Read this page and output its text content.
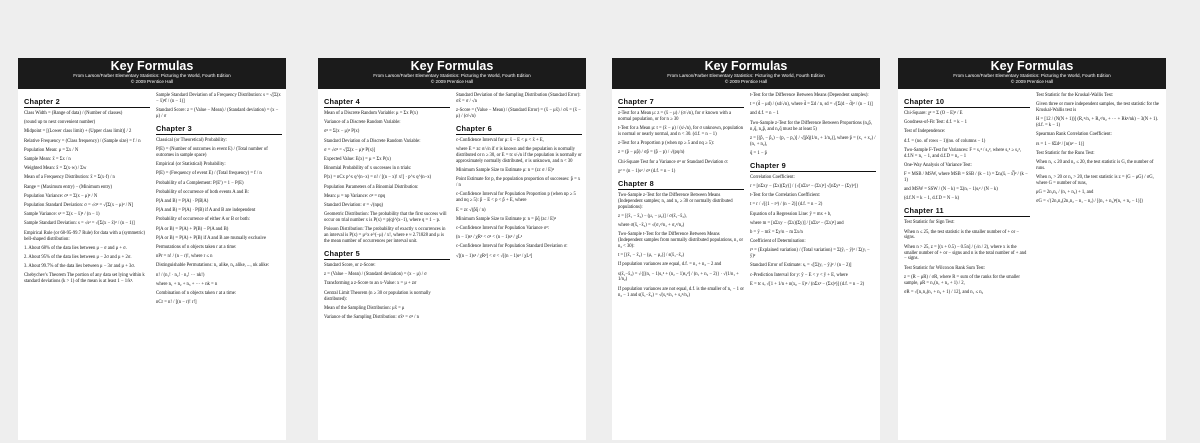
Key Formulas
From Larson/Farber Elementary Statistics: Picturing the World, Fourth Edition
© 2009 Prentice Hall
Chapter 2
Class Width = (Range of data) / (Number of classes)
(round up to next convenient number)
Midpoint = [(Lower class limit) + (Upper class limit)] / 2
Relative Frequency = (Class frequency) / (Sample size) = f / n
Population Mean: μ = Σx / N
Sample Mean: x̄ = Σx / n
Weighted Mean: x̄ = Σ(x·w) / Σw
Mean of a Frequency Distribution: x̄ = Σ(x·f) / n
Range = (Maximum entry) − (Minimum entry)
Population Variance: σ² = Σ(x − μ)² / N
Population Standard Deviation: σ = √σ² = √[Σ(x − μ)² / N]
Sample Variance: s² = Σ(x − x̄)² / (n − 1)
Sample Standard Deviation: s = √s² = √[Σ(x − x̄)² / (n − 1)]
Empirical Rule (or 68-95-99.7 Rule) for data with a (symmetric) bell-shaped distribution:
1. About 68% of the data lies between μ − σ and μ + σ.
2. About 95% of the data lies between μ − 2σ and μ + 2σ.
3. About 99.7% of the data lies between μ − 3σ and μ + 3σ.
Chebychev's Theorem The portion of any data set lying within k standard deviations (k > 1) of the mean is at least 1 − 1/k².
Sample Standard Deviation of a Frequency Distribution: s = √[Σ(x − x̄)²f / (n − 1)]
Standard Score: z = (Value − Mean) / (Standard deviation) = (x − μ) / σ
Chapter 3
Classical (or Theoretical) Probability:
P(E) = (Number of outcomes in event E) / (Total number of outcomes in sample space)
Empirical (or Statistical) Probability:
P(E) = (Frequency of event E) / (Total frequency) = f / n
Probability of a Complement: P(E′) = 1 − P(E)
Probability of occurrence of both events A and B:
P(A and B) = P(A) · P(B|A)
P(A and B) = P(A) · P(B) if A and B are independent
Probability of occurrence of either A or B or both:
P(A or B) = P(A) + P(B) − P(A and B)
P(A or B) = P(A) + P(B) if A and B are mutually exclusive
Permutations of n objects taken r at a time:
nPr = n! / (n − r)!, where r ≤ n
Distinguishable Permutations: n₁ alike, n₂ alike, ..., nk alike:
n! / (n₁! · n₂! · n₃! ··· nk!)
where n₁ + n₂ + n₃ + ··· + nk = n
Combination of n objects taken r at a time:
nCr = n! / [(n − r)! r!]
Key Formulas
From Larson/Farber Elementary Statistics: Picturing the World, Fourth Edition
© 2009 Prentice Hall
Chapter 4
Mean of a Discrete Random Variable: μ = Σx P(x)
Variance of a Discrete Random Variable:
σ² = Σ(x − μ)² P(x)
Standard Deviation of a Discrete Random Variable:
σ = √σ² = √[Σ(x − μ)² P(x)]
Expected Value: E(x) = μ = Σx P(x)
Binomial Probability of x successes in n trials:
P(x) = nCx p^x q^(n−x) = n! / [(n − x)! x!] · p^x q^(n−x)
Population Parameters of a Binomial Distribution:
Mean: μ = np Variance: σ² = npq
Standard Deviation: σ = √(npq)
Geometric Distribution: The probability that the first success will occur on trial number x is P(x) = p(q)^(x−1), where q = 1 − p.
Poisson Distribution: The probability of exactly x occurrences in an interval is P(x) = μ^x e^(−μ) / x!, where e ≈ 2.71828 and μ is the mean number of occurrences per interval unit.
Chapter 5
Standard Score, or z-Score:
z = (Value − Mean) / (Standard deviation) = (x − μ) / σ
Transforming a z-Score to an x-Value: x = μ + zσ
Central Limit Theorem (n ≥ 30 or population is normally distributed):
Mean of the Sampling Distribution: μx̄ = μ
Variance of the Sampling Distribution: σx̄² = σ² / n
Standard Deviation of the Sampling Distribution (Standard Error): σx̄ = σ / √n
z-Score = (Value − Mean) / (Standard Error) = (x̄ − μx̄) / σx̄ = (x̄ − μ) / (σ/√n)
Chapter 6
c-Confidence Interval for μ: x̄ − E < μ < x̄ + E,
where E = zc σ/√n if σ is known and the population is normally distributed or n ≥ 30, or E = tc s/√n if the population is normally or approximately normally distributed, σ is unknown, and n < 30
Minimum Sample Size to Estimate μ: n = (zc σ / E)²
Point Estimate for p, the population proportion of successes: p̂ = x / n
c-Confidence Interval for Population Proportion p (when np ≥ 5 and nq ≥ 5): p̂ − E < p < p̂ + E, where
E = zc √(p̂q̂ / n)
Minimum Sample Size to Estimate p: n = p̂q̂ (zc / E)²
c-Confidence Interval for Population Variance σ²:
(n − 1)s² / χR² < σ² < (n − 1)s² / χL²
c-Confidence Interval for Population Standard Deviation σ:
√[(n − 1)s² / χR²] < σ < √[(n − 1)s² / χL²]
Key Formulas
From Larson/Farber Elementary Statistics: Picturing the World, Fourth Edition
© 2009 Prentice Hall
Chapter 7
z-Test for a Mean μ: z = (x̄ − μ) / (σ/√n), for σ known with a normal population, or for n ≥ 30
t-Test for a Mean μ: t = (x̄ − μ) / (s/√n), for σ unknown, population is normal or nearly normal, and n < 30. (d.f. = n − 1)
z-Test for a Proportion p (when np ≥ 5 and nq ≥ 5):
z = (p̂ − μp̂) / σp̂ = (p̂ − p) / √(pq/n)
Chi-Square Test for a Variance σ² or Standard Deviation σ:
χ² = (n − 1)s² / σ² (d.f. = n − 1)
Chapter 8
Two-Sample z-Test for the Difference Between Means (Independent samples; n₁ and n₂ ≥ 30 or normally distributed populations):
z = [(x̄₁ − x̄₂) − (μ₁ − μ₂)] / σ(x̄₁−x̄₂),
where σ(x̄₁−x̄₂) = √(σ₁²/n₁ + σ₂²/n₂)
Two-Sample t-Test for the Difference Between Means (Independent samples from normally distributed populations, n₁ or n₂ < 30):
t = [(x̄₁ − x̄₂) − (μ₁ − μ₂)] / s(x̄₁−x̄₂)
If population variances are equal, d.f. = n₁ + n₂ − 2 and
s(x̄₁−x̄₂) = √{[(n₁ − 1)s₁² + (n₂ − 1)s₂²] / (n₁ + n₂ − 2)} · √(1/n₁ + 1/n₂)
If population variances are not equal, d.f. is the smaller of n₁ − 1 or n₂ − 1 and s(x̄₁−x̄₂) = √(s₁²/n₁ + s₂²/n₂)
t-Test for the Difference Between Means (Dependent samples):
t = (d̄ − μd) / (sd/√n), where d̄ = Σd / n, sd = √[Σ(d − d̄)² / (n − 1)]
and d.f. = n − 1
Two-Sample z-Test for the Difference Between Proportions (n₁p̄, n₁q̄, n₂p̄, and n₂q̄ must be at least 5)
z = [(p̂₁ − p̂₂) − (p₁ − p₂)] / √[p̄q̄(1/n₁ + 1/n₂)], where p̄ = (x₁ + x₂) / (n₁ + n₂),
q̄ = 1 − p̄
Chapter 9
Correlation Coefficient:
r = [nΣxy − (Σx)(Σy)] / {√[nΣx² − (Σx)²] √[nΣy² − (Σy)²]}
t-Test for the Correlation Coefficient:
t = r / √[(1 − r²) / (n − 2)] (d.f. = n − 2)
Equation of a Regression Line: ŷ = mx + b,
where m = [nΣxy − (Σx)(Σy)] / [nΣx² − (Σx)²] and
b = ȳ − mx̄ = Σy/n − m Σx/n
Coefficient of Determination:
r² = (Explained variation) / (Total variation) = Σ(ŷᵢ − ȳ)² / Σ(yᵢ − ȳ)²
Standard Error of Estimate: sₑ = √[Σ(yᵢ − ŷᵢ)² / (n − 2)]
c-Prediction Interval for y: ŷ − E < y < ŷ + E, where
E = tc sₑ √[1 + 1/n + n(x₀ − x̄)² / (nΣx² − (Σx)²)] (d.f. = n − 2)
Key Formulas
From Larson/Farber Elementary Statistics: Picturing the World, Fourth Edition
© 2009 Prentice Hall
Chapter 10
Chi-Square: χ² = Σ (O − E)² / E
Goodness-of-Fit Test: d.f. = k − 1
Test of Independence:
d.f. = (no. of rows − 1)(no. of columns − 1)
Two-Sample F-Test for Variances: F = s₁² / s₂², where s₁² ≥ s₂², d.f.N = n₁ − 1, and d.f.D = n₂ − 1
One-Way Analysis of Variance Test:
F = MSB / MSW, where MSB = SSB / (k − 1) = Σnᵢ(x̄ᵢ − x̿)² / (k − 1)
and MSW = SSW / (N − k) = Σ(nᵢ − 1)sᵢ² / (N − k)
(d.f.N = k − 1, d.f.D = N − k)
Chapter 11
Test Statistic for Sign Test:
When n ≤ 25, the test statistic is the smaller number of + or − signs.
When n > 25, z = [(x + 0.5) − 0.5n] / (√n / 2), where x is the smaller number of + or − signs and n is the total number of + and − signs.
Test Statistic for Wilcoxon Rank Sum Test:
z = (R − μR) / σR, where R = sum of the ranks for the smaller sample, μR = n₁(n₁ + n₂ + 1) / 2,
σR = √[n₁n₂(n₁ + n₂ + 1) / 12], and n₁ ≤ n₂
Test Statistic for the Kruskal-Wallis Test:
Given three or more independent samples, the test statistic for the Kruskal-Wallis test is
H = [12 / (N(N + 1))] (R₁²/n₁ + R₂²/n₂ + ··· + Rk²/nk) − 3(N + 1). (d.f. = k − 1)
Spearman Rank Correlation Coefficient:
rs = 1 − 6Σd² / [n(n² − 1)]
Test Statistic for the Runs Test:
When n₁ ≤ 20 and n₂ ≤ 20, the test statistic is G, the number of runs.
When n₁ > 20 or n₂ > 20, the test statistic is z = (G − μG) / σG, where G = number of runs,
μG = 2n₁n₂ / (n₁ + n₂) + 1, and
σG = √{2n₁n₂(2n₁n₂ − n₁ − n₂) / [(n₁ + n₂)²(n₁ + n₂ − 1)]}
